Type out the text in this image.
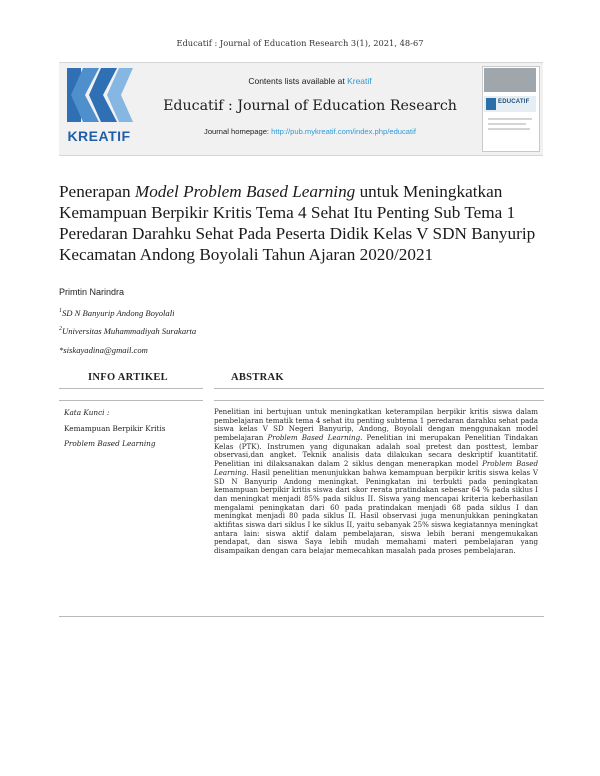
Educatif : Journal of Education Research 3(1), 2021, 48-67
KREATIF
Contents lists available at Kreatif
Educatif : Journal of Education Research
Journal homepage: http://pub.mykreatif.com/index.php/educatif
EDUCATIF
Penerapan Model Problem Based Learning untuk Meningkatkan Kemampuan Berpikir Kritis Tema 4 Sehat Itu Penting Sub Tema 1 Peredaran Darahku Sehat Pada Peserta Didik Kelas V SDN Banyurip Kecamatan Andong Boyolali Tahun Ajaran 2020/2021
Primtin Narindra
$^1$SD N Banyurip Andong Boyolali
$^2$Universitas Muhammadiyah Surakarta
*siskayadina@gmail.com
INFO ARTIKEL	ABSTRAK
Kata Kunci :
Kemampuan Berpikir Kritis
Problem Based Learning
Penelitian ini bertujuan untuk meningkatkan keterampilan berpikir kritis siswa dalam pembelajaran tematik tema 4 sehat itu penting subtema 1 peredaran darahku sehat pada siswa kelas V SD Negeri Banyurip, Andong, Boyolali dengan menggunakan model pembelajaran Problem Based Learning. Penelitian ini merupakan Penelitian Tindakan Kelas (PTK). Instrumen yang digunakan adalah soal pretest dan posttest, lembar observasi,dan angket. Teknik analisis data dilakukan secara deskriptif kuantitatif. Penelitian ini dilaksanakan dalam 2 siklus dengan menerapkan model Problem Based Learning. Hasil penelitian menunjukkan bahwa kemampuan berpikir kritis siswa kelas V SD N Banyurip Andong meningkat. Peningkatan ini terbukti pada peningkatan kemampuan berpikir kritis siswa dari skor rerata pratindakan sebesar 64 % pada siklus I dan meningkat menjadi 85% pada siklus II. Siswa yang mencapai kriteria keberhasilan mengalami peningkatan dari 60 pada pratindakan menjadi 68 pada siklus I dan meningkat menjadi 80 pada siklus II. Hasil observasi juga menunjukkan peningkatan aktifitas siswa dari siklus I ke siklus II, yaitu sebanyak 25% siswa kegiatannya meningkat antara lain: siswa aktif dalam pembelajaran, siswa lebih berani mengemukakan pendapat, dan siswa Saya lebih mudah memahami materi pembelajaran yang disampaikan dengan cara belajar memecahkan masalah pada proses pembelajaran.
